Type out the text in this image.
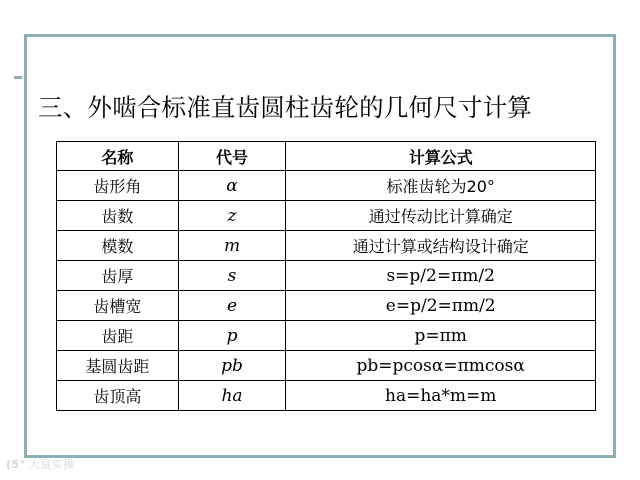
三、外啮合标准直齿圆柱齿轮的几何尺寸计算
名称	代号	计算公式
齿形角	α	标准齿轮为20°
齿数	z	通过传动比计算确定
模数	m	通过计算或结构设计确定
齿厚	s	s=p/2=πm/2
齿槽宽	e	e=p/2=πm/2
齿距	p	p=πm
基圆齿距	pb	pb=pcosα=πmcosα
齿顶高	ha	ha=ha*m=m
(5° 大鼠实操
